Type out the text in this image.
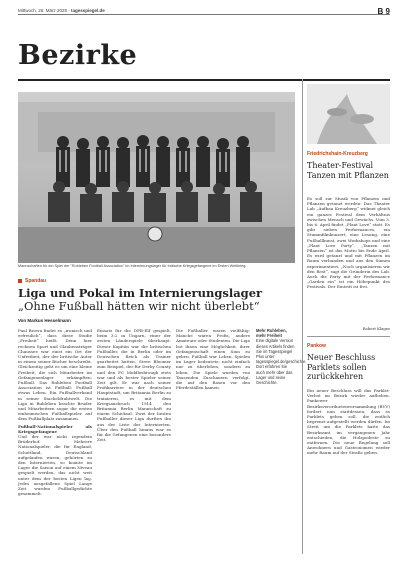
Mittwoch, 26. März 2025 · tagesspiegel.de	B 9
Bezirke
Mannschaften für ein Spiel der "Ruhleben Football Association" im Internierungslager für britische Kriegsgefangene im Ersten Weltkrieg.
Spandau
Liga und Pokal im Internierungslager
„Ohne Fußball hätten wir nicht überlebt“
Von Markus Hesselmann

Paul Brown findet es „ironisch und erfreulich“, dass diese Studie „Freiheit“ heißt. Denn hier rechnen Sport und Glaubensträger Chaussee war einst ein Ort der Unfreiheit, der der britische Autor in einem seiner Bücher beschreibt. Gleichzeitig geht es um eine kleine Freiheit, die sich Mitarbeiter im Gefangenenlager erkämpften: Fußball. Das Ruhleben Football Association ist Fußball: Fußball etwas Leben. Ein Fußballverband in seiner Stacheldrahtwelt. Die Liga in Ruhleben brachte Bruder und Mitarbeitern sogar die ersten einheimischen Fußballspieler auf dem Fußballplatz zusammen.

Fußball-Nationalspieler als Kriegsgefangene

Und der war nicht irgendein Brüderhof. Mehrere Nationalspieler, die für England, Schottland, Deutschland aufgelaufen waren, gehörten zu den Internierten, so konnte im Lager die Saison auf einem Niveau gespielt werden, das nicht weit unter dem der besten Ligen lag. Jedes ausgefallene Spiel Lange Zeit wurden Fußballgedichte gesammelt.

Einsatz für die DFB-Elf gespielt, beim 3:2 in Ungarn, einer der ersten Länderspiele überhaupt. Dieser Kapitän war die britischen Fußballer, die in Berlin oder im Deutschen Reich als Trainer gearbeitet hatten. Steve Bloomer zum Beispiel, der für Derby County und den FC Middlesbrough stets war und als bester Spieler seiner Zeit gilt. Er war nach seiner Profikarriere in der deutschen Hauptstadt, um Britannia Berlin zu trainieren, es mit dem Kriegsausbruch 1914 den Britannia Berlin Mannschaft zu einem Schicksal. Zwei der besten Fußballer dieser Liga durften ihn aus der Liste der Internierten. Über den Fußball hinaus war es für die Gefangenen eine besondere Zeit.

Die Fußballer waren vielfältig: Manche waren Profis, andere Amateure oder Studenten. Die Liga bot ihnen eine Möglichkeit, ihrer Gefangenschaft einen Sinn zu geben. Fußball war Leben, Spielen im Lager bedeutete, nicht einfach nur zu überleben, sondern zu leben. Die Spiele wurden von Tausenden Zuschauern verfolgt, die auf den Rasen vor den Pferdeställen kamen.

Mehr Ruhleben, mehr Freiheit
Eine digitale Version dieses Artikels finden Sie im Tagesspiegel Plus unter tagesspiegel.de/geschichte. Dort erfahren Sie auch mehr über das Lager und seine Geschichte.
Friedrichshain-Kreuzberg
Theater-Festival Tanzen mit Pflanzen
Es soll zur Musik von Pflanzen und Pflanzen getanzt werden: Das Theater Lab „Aufbau Kreuzberg“ widmet gleich ein ganzes Festival dem Verhältnis zwischen Mensch und Gewächs. Vom 3. bis 6. April findet „Plant Love“ statt. Es gibt sieben Performances, ein Stummfilmkonzert, eine Lesung, eine Fußballkunst, zwei Workshops und eine „Plant Love Party“. „Tanzen mit Pflanzen“ ist das Motto bis Ende April. Es wird getanzt und mit Pflanzen im Raum verbunden und aus den Sinnen experimentiert. „Noch organisieren wir den Rest“, sagt die Gründerin des Lab. Auch die Party mit der Performance „Garden ein“ ist ein Höhepunkt des Festivals. Der Eintritt ist frei.
Robert Klages
Pankow
Neuer Beschluss Parklets sollen zurückkehren
Ein neuer Beschluss will das Parklet-Verbot im Bezirk wieder aufheben. Pankower Bezirksverordnetenversammlung (BVV) fordert nun stattdessen, dass es Parklets geben soll, die zeitlich begrenzt aufgestellt werden dürfen. Im Streit um die Parklets hatte das Bezirksamt im vergangenen Jahr entschieden, die Holzpodeste zu entfernen. Die neue Regelung soll Anwohnern und Gastronomen wieder mehr Raum auf der Straße geben.
